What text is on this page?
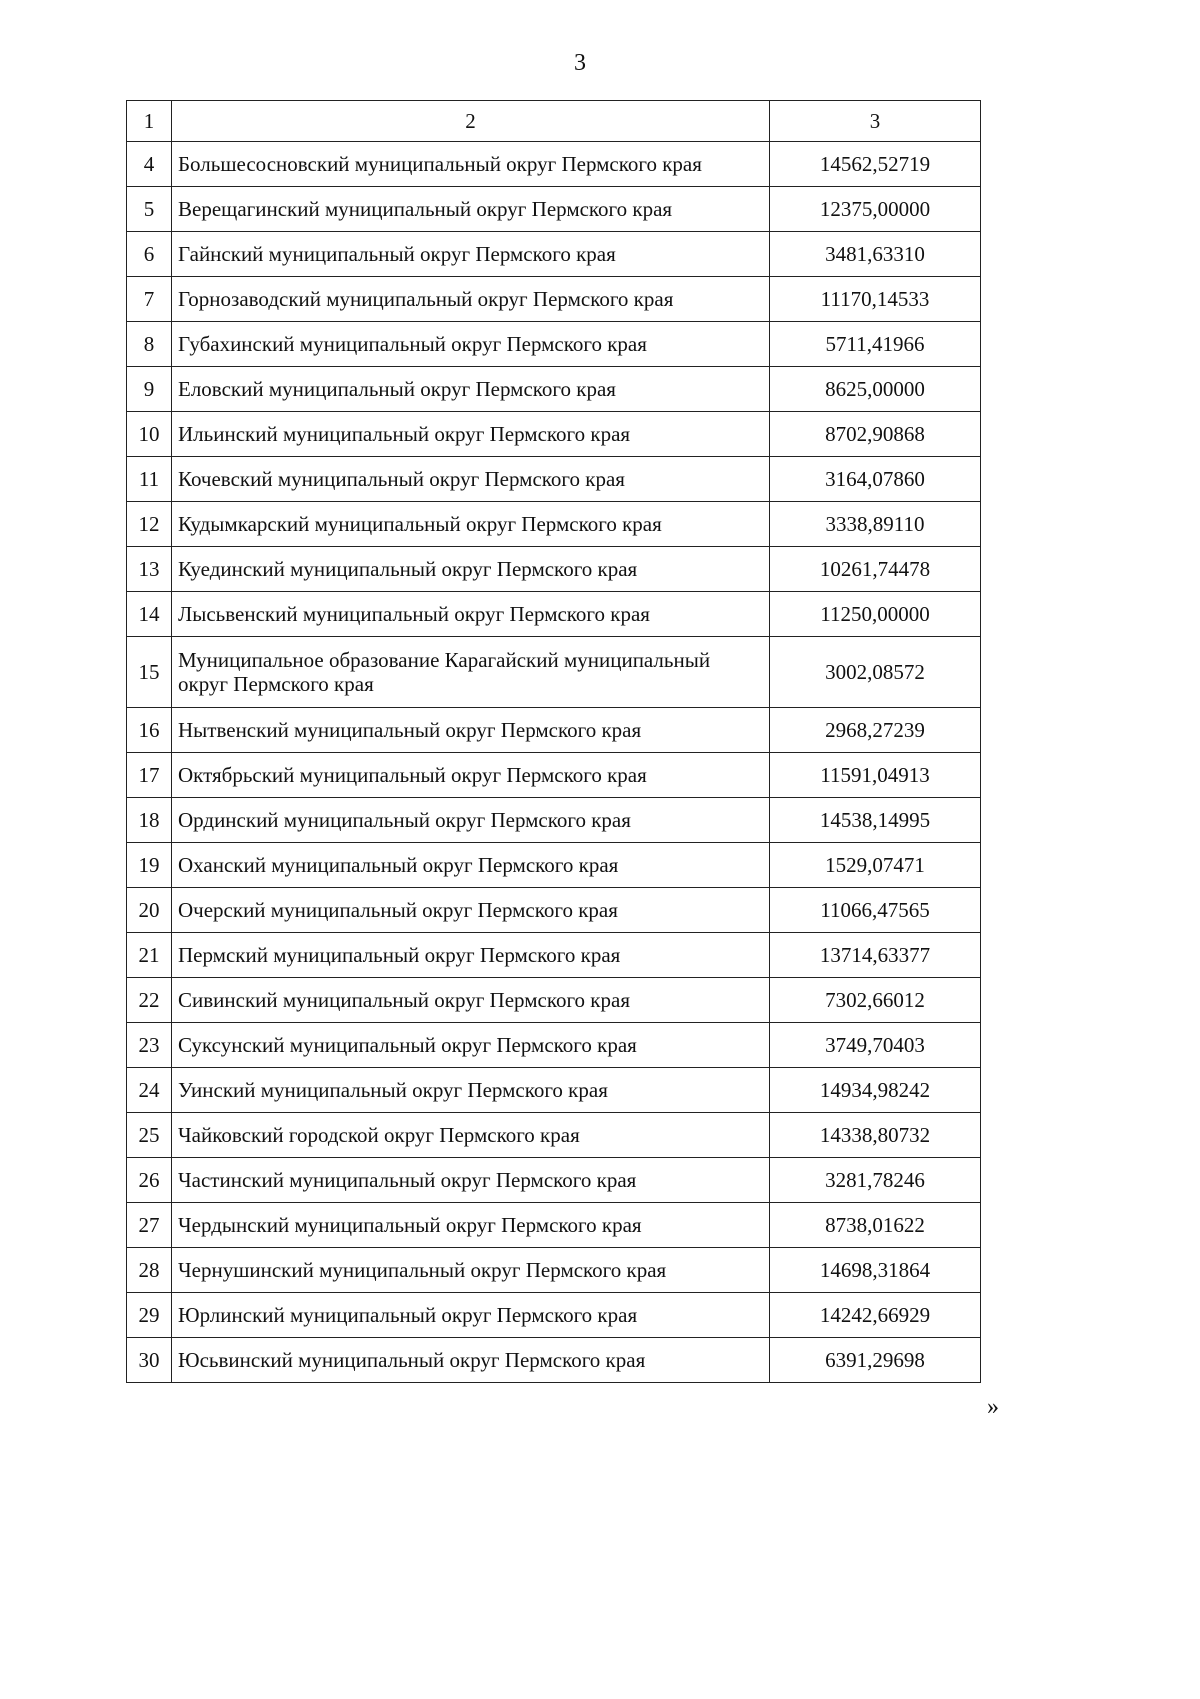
3
1	2	3
4	Большесосновский муниципальный округ Пермского края	14562,52719
5	Верещагинский муниципальный округ Пермского края	12375,00000
6	Гайнский муниципальный округ Пермского края	3481,63310
7	Горнозаводский муниципальный округ Пермского края	11170,14533
8	Губахинский муниципальный округ Пермского края	5711,41966
9	Еловский муниципальный округ Пермского края	8625,00000
10	Ильинский муниципальный округ Пермского края	8702,90868
11	Кочевский муниципальный округ Пермского края	3164,07860
12	Кудымкарский муниципальный округ Пермского края	3338,89110
13	Куединский муниципальный округ Пермского края	10261,74478
14	Лысьвенский муниципальный округ Пермского края	11250,00000
15	Муниципальное образование Карагайский муниципальный округ Пермского края	3002,08572
16	Нытвенский муниципальный округ Пермского края	2968,27239
17	Октябрьский муниципальный округ Пермского края	11591,04913
18	Ординский муниципальный округ Пермского края	14538,14995
19	Оханский муниципальный округ Пермского края	1529,07471
20	Очерский муниципальный округ Пермского края	11066,47565
21	Пермский муниципальный округ Пермского края	13714,63377
22	Сивинский муниципальный округ Пермского края	7302,66012
23	Суксунский муниципальный округ Пермского края	3749,70403
24	Уинский муниципальный округ Пермского края	14934,98242
25	Чайковский городской округ Пермского края	14338,80732
26	Частинский муниципальный округ Пермского края	3281,78246
27	Чердынский муниципальный округ Пермского края	8738,01622
28	Чернушинский муниципальный округ Пермского края	14698,31864
29	Юрлинский муниципальный округ Пермского края	14242,66929
30	Юсьвинский муниципальный округ Пермского края	6391,29698
»
